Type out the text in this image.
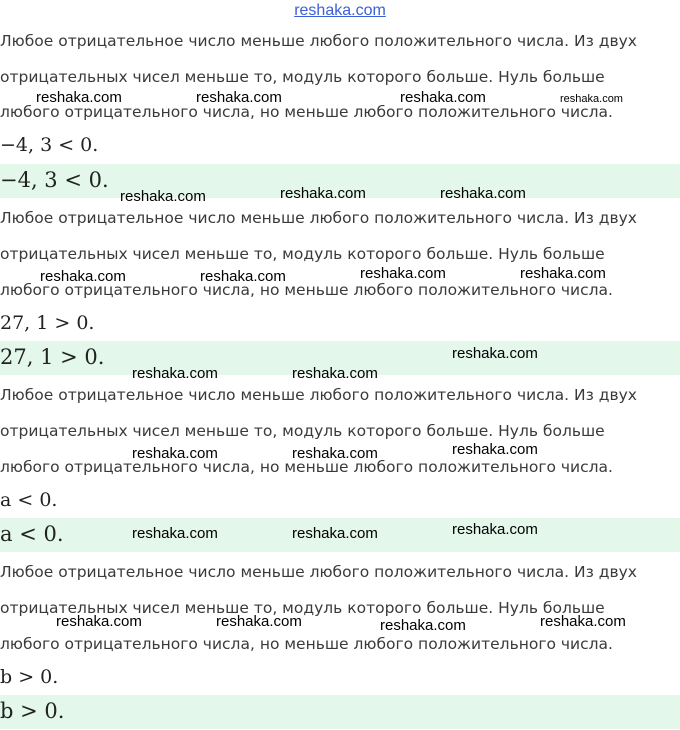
reshaka.com
Любое отрицательное число меньше любого положительного числа. Из двух
отрицательных чисел меньше то, модуль которого больше. Нуль больше
любого отрицательного числа, но меньше любого положительного числа.
−4, 3 < 0.
−4, 3 < 0.
Любое отрицательное число меньше любого положительного числа. Из двух
отрицательных чисел меньше то, модуль которого больше. Нуль больше
любого отрицательного числа, но меньше любого положительного числа.
27, 1 > 0.
27, 1 > 0.
Любое отрицательное число меньше любого положительного числа. Из двух
отрицательных чисел меньше то, модуль которого больше. Нуль больше
любого отрицательного числа, но меньше любого положительного числа.
a < 0.
a < 0.
Любое отрицательное число меньше любого положительного числа. Из двух
отрицательных чисел меньше то, модуль которого больше. Нуль больше
любого отрицательного числа, но меньше любого положительного числа.
b > 0.
b > 0.
reshaka.com	reshaka.com	reshaka.com	reshaka.com
reshaka.com	reshaka.com	reshaka.com
reshaka.com	reshaka.com	reshaka.com	reshaka.com
reshaka.com
reshaka.com	reshaka.com
reshaka.com	reshaka.com	reshaka.com
reshaka.com	reshaka.com	reshaka.com
reshaka.com	reshaka.com	reshaka.com	reshaka.com
